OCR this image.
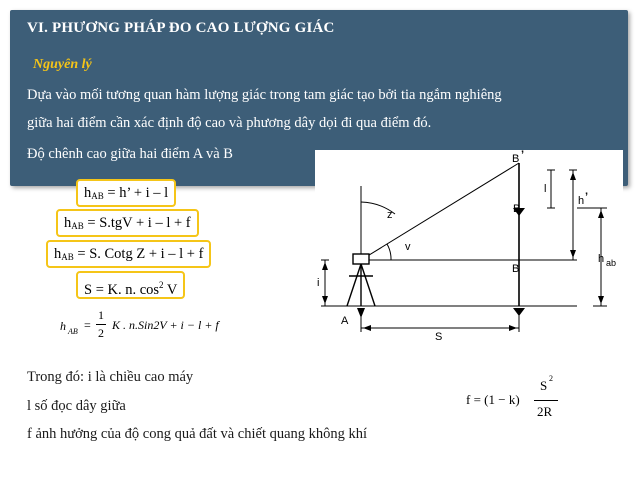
VI. PHƯƠNG PHÁP ĐO CAO LƯỢNG GIÁC
Nguyên lý
Dựa vào mối tương quan hàm lượng giác trong tam giác tạo bởi tia ngắm nghiêng
giữa hai điểm cần xác định độ cao và phương dây dọi đi qua điểm đó.
Độ chênh cao giữa hai điểm A và B
$h_{AB} = h$’ + i – l
$h_{AB} = S.tgV + i - l + f$
$h_{AB} = S$. Cotg Z + i – l + f
S = K. n. $\cos^2 V$
h AB =
1
2
K . n.Sin2V + i − l + f
B ’
l
h ’
B
z
v
B
h ab
i
A
S
Trong đó: i là chiều cao máy
l số đọc dây giữa
f ảnh hưởng của độ cong quả đất và chiết quang không khí
f = (1 − k)
S 2
2R
